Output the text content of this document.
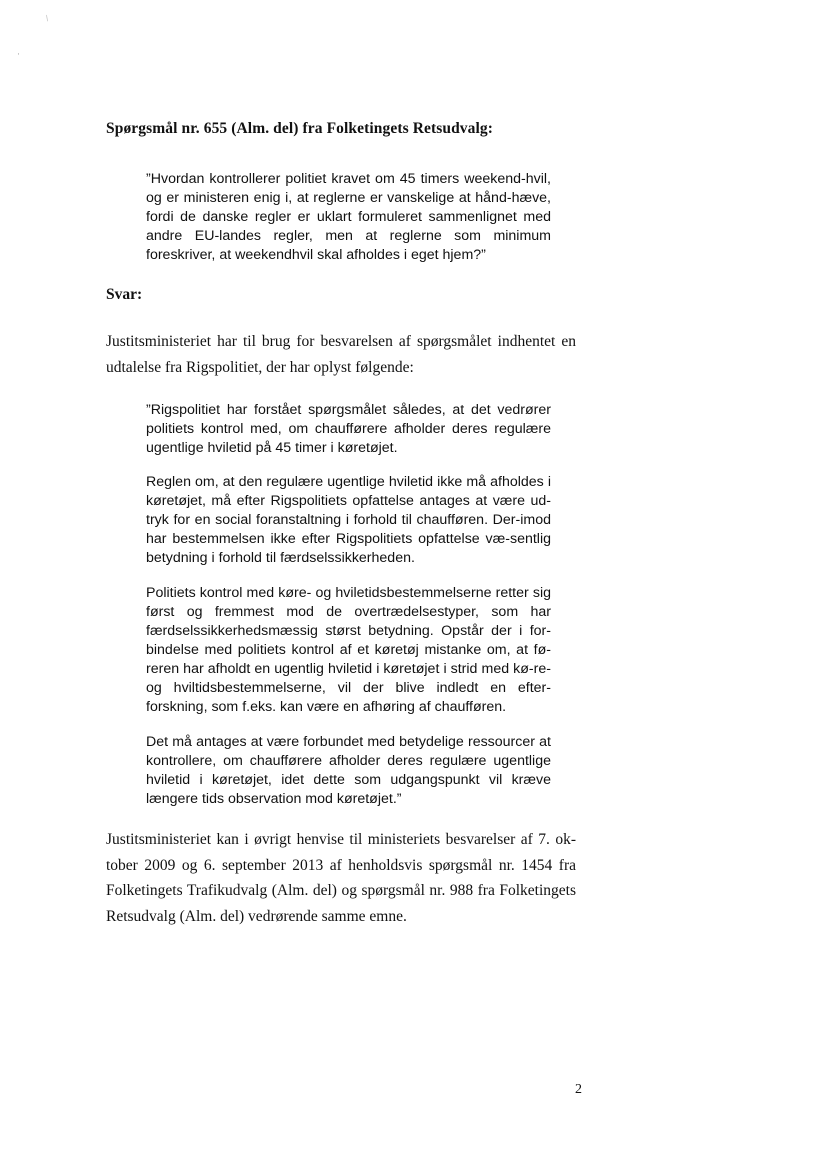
/
·
Spørgsmål nr. 655 (Alm. del) fra Folketingets Retsudvalg:
”Hvordan kontrollerer politiet kravet om 45 timers weekend-hvil, og er ministeren enig i, at reglerne er vanskelige at hånd-hæve, fordi de danske regler er uklart formuleret sammenlignet med andre EU-landes regler, men at reglerne som minimum foreskriver, at weekendhvil skal afholdes i eget hjem?”
Svar:
Justitsministeriet har til brug for besvarelsen af spørgsmålet indhentet en udtalelse fra Rigspolitiet, der har oplyst følgende:
”Rigspolitiet har forstået spørgsmålet således, at det vedrører politiets kontrol med, om chaufførere afholder deres regulære ugentlige hviletid på 45 timer i køretøjet.
Reglen om, at den regulære ugentlige hviletid ikke må afholdes i køretøjet, må efter Rigspolitiets opfattelse antages at være ud-tryk for en social foranstaltning i forhold til chaufføren. Der-imod har bestemmelsen ikke efter Rigspolitiets opfattelse væ-sentlig betydning i forhold til færdselssikkerheden.
Politiets kontrol med køre- og hviletidsbestemmelserne retter sig først og fremmest mod de overtrædelsestyper, som har færdselssikkerhedsmæssig størst betydning. Opstår der i for-bindelse med politiets kontrol af et køretøj mistanke om, at fø-reren har afholdt en ugentlig hviletid i køretøjet i strid med kø-re- og hviltidsbestemmelserne, vil der blive indledt en efter-forskning, som f.eks. kan være en afhøring af chaufføren.
Det må antages at være forbundet med betydelige ressourcer at kontrollere, om chaufførere afholder deres regulære ugentlige hviletid i køretøjet, idet dette som udgangspunkt vil kræve længere tids observation mod køretøjet.”
Justitsministeriet kan i øvrigt henvise til ministeriets besvarelser af 7. ok-tober 2009 og 6. september 2013 af henholdsvis spørgsmål nr. 1454 fra Folketingets Trafikudvalg (Alm. del) og spørgsmål nr. 988 fra Folketingets Retsudvalg (Alm. del) vedrørende samme emne.
2
